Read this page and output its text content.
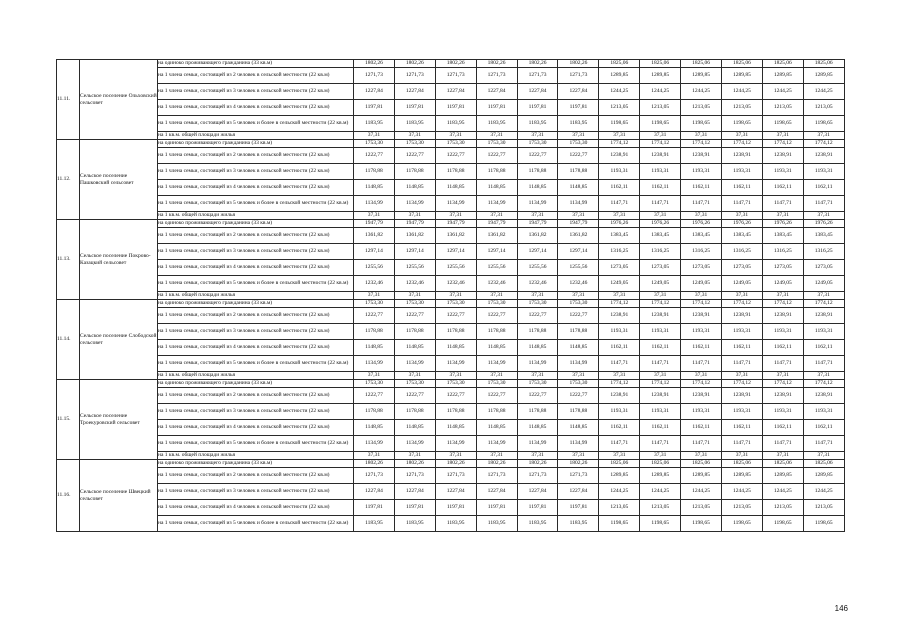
11.11.	Сельское поселение Ольховский сельсовет	на одиноко проживающего гражданина (33 кв.м)	1802,26	1802,26	1802,26	1802,26	1802,26	1802,26	1825,06	1825,06	1825,06	1825,06	1825,06	1825,06
		на 1 члена семьи, состоящей из 2 человек в сельской местности (22 кв.м)	1271,73	1271,73	1271,73	1271,73	1271,73	1271,73	1289,85	1289,85	1289,85	1289,85	1289,85	1289,85
		на 1 члена семьи, состоящей из 3 человек в сельской местности (22 кв.м)	1227,84	1227,84	1227,84	1227,84	1227,84	1227,84	1244,25	1244,25	1244,25	1244,25	1244,25	1244,25
		на 1 члена семьи, состоящей из 4 человек в сельской местности (22 кв.м)	1197,81	1197,81	1197,81	1197,81	1197,81	1197,81	1213,05	1213,05	1213,05	1213,05	1213,05	1213,05
		на 1 члена семьи, состоящей из 5 человек и более в сельской местности (22 кв.м)	1183,95	1183,95	1183,95	1183,95	1183,95	1183,95	1198,65	1198,65	1198,65	1198,65	1198,65	1198,65
		на 1 кв.м. общей площади жилья	37,31	37,31	37,31	37,31	37,31	37,31	37,31	37,31	37,31	37,31	37,31	37,31
11.12.	Сельское поселение Пашковский сельсовет	на одиноко проживающего гражданина (33 кв.м)	1753,30	1753,30	1753,30	1753,30	1753,30	1753,30	1774,12	1774,12	1774,12	1774,12	1774,12	1774,12
		на 1 члена семьи, состоящей из 2 человек в сельской местности (22 кв.м)	1222,77	1222,77	1222,77	1222,77	1222,77	1222,77	1238,91	1238,91	1238,91	1238,91	1238,91	1238,91
		на 1 члена семьи, состоящей из 3 человек в сельской местности (22 кв.м)	1178,88	1178,88	1178,88	1178,88	1178,88	1178,88	1193,31	1193,31	1193,31	1193,31	1193,31	1193,31
		на 1 члена семьи, состоящей из 4 человек в сельской местности (22 кв.м)	1148,85	1148,85	1148,85	1148,85	1148,85	1148,85	1162,11	1162,11	1162,11	1162,11	1162,11	1162,11
		на 1 члена семьи, состоящей из 5 человек и более в сельской местности (22 кв.м)	1134,99	1134,99	1134,99	1134,99	1134,99	1134,99	1147,71	1147,71	1147,71	1147,71	1147,71	1147,71
		на 1 кв.м. общей площади жилья	37,31	37,31	37,31	37,31	37,31	37,31	37,31	37,31	37,31	37,31	37,31	37,31
11.13.	Сельское поселение Покрово-Казацкий сельсовет	на одиноко проживающего гражданина (33 кв.м)	1947,79	1947,79	1947,79	1947,79	1947,79	1947,79	1976,26	1976,26	1976,26	1976,26	1976,26	1976,26
		на 1 члена семьи, состоящей из 2 человек в сельской местности (22 кв.м)	1361,82	1361,82	1361,82	1361,82	1361,82	1361,82	1383,45	1383,45	1383,45	1383,45	1383,45	1383,45
		на 1 члена семьи, состоящей из 3 человек в сельской местности (22 кв.м)	1297,14	1297,14	1297,14	1297,14	1297,14	1297,14	1316,25	1316,25	1316,25	1316,25	1316,25	1316,25
		на 1 члена семьи, состоящей из 4 человек в сельской местности (22 кв.м)	1255,56	1255,56	1255,56	1255,56	1255,56	1255,56	1273,05	1273,05	1273,05	1273,05	1273,05	1273,05
		на 1 члена семьи, состоящей из 5 человек и более в сельской местности (22 кв.м)	1232,46	1232,46	1232,46	1232,46	1232,46	1232,46	1249,05	1249,05	1249,05	1249,05	1249,05	1249,05
		на 1 кв.м. общей площади жилья	37,31	37,31	37,31	37,31	37,31	37,31	37,31	37,31	37,31	37,31	37,31	37,31
11.14.	Сельское поселение Слободской сельсовет	на одиноко проживающего гражданина (33 кв.м)	1753,30	1753,30	1753,30	1753,30	1753,30	1753,30	1774,12	1774,12	1774,12	1774,12	1774,12	1774,12
		на 1 члена семьи, состоящей из 2 человек в сельской местности (22 кв.м)	1222,77	1222,77	1222,77	1222,77	1222,77	1222,77	1238,91	1238,91	1238,91	1238,91	1238,91	1238,91
		на 1 члена семьи, состоящей из 3 человек в сельской местности (22 кв.м)	1178,88	1178,88	1178,88	1178,88	1178,88	1178,88	1193,31	1193,31	1193,31	1193,31	1193,31	1193,31
		на 1 члена семьи, состоящей из 4 человек в сельской местности (22 кв.м)	1148,85	1148,85	1148,85	1148,85	1148,85	1148,85	1162,11	1162,11	1162,11	1162,11	1162,11	1162,11
		на 1 члена семьи, состоящей из 5 человек и более в сельской местности (22 кв.м)	1134,99	1134,99	1134,99	1134,99	1134,99	1134,99	1147,71	1147,71	1147,71	1147,71	1147,71	1147,71
		на 1 кв.м. общей площади жилья	37,31	37,31	37,31	37,31	37,31	37,31	37,31	37,31	37,31	37,31	37,31	37,31
11.15.	Сельское поселение Троекуровский сельсовет	на одиноко проживающего гражданина (33 кв.м)	1753,30	1753,30	1753,30	1753,30	1753,30	1753,30	1774,12	1774,12	1774,12	1774,12	1774,12	1774,12
		на 1 члена семьи, состоящей из 2 человек в сельской местности (22 кв.м)	1222,77	1222,77	1222,77	1222,77	1222,77	1222,77	1238,91	1238,91	1238,91	1238,91	1238,91	1238,91
		на 1 члена семьи, состоящей из 3 человек в сельской местности (22 кв.м)	1178,88	1178,88	1178,88	1178,88	1178,88	1178,88	1193,31	1193,31	1193,31	1193,31	1193,31	1193,31
		на 1 члена семьи, состоящей из 4 человек в сельской местности (22 кв.м)	1148,85	1148,85	1148,85	1148,85	1148,85	1148,85	1162,11	1162,11	1162,11	1162,11	1162,11	1162,11
		на 1 члена семьи, состоящей из 5 человек и более в сельской местности (22 кв.м)	1134,99	1134,99	1134,99	1134,99	1134,99	1134,99	1147,71	1147,71	1147,71	1147,71	1147,71	1147,71
		на 1 кв.м. общей площади жилья	37,31	37,31	37,31	37,31	37,31	37,31	37,31	37,31	37,31	37,31	37,31	37,31
11.16.	Сельское поселение Швецкий сельсовет	на одиноко проживающего гражданина (33 кв.м)	1802,26	1802,26	1802,26	1802,26	1802,26	1802,26	1825,06	1825,06	1825,06	1825,06	1825,06	1825,06
		на 1 члена семьи, состоящей из 2 человек в сельской местности (22 кв.м)	1271,73	1271,73	1271,73	1271,73	1271,73	1271,73	1289,85	1289,85	1289,85	1289,85	1289,85	1289,85
		на 1 члена семьи, состоящей из 3 человек в сельской местности (22 кв.м)	1227,84	1227,84	1227,84	1227,84	1227,84	1227,84	1244,25	1244,25	1244,25	1244,25	1244,25	1244,25
		на 1 члена семьи, состоящей из 4 человек в сельской местности (22 кв.м)	1197,81	1197,81	1197,81	1197,81	1197,81	1197,81	1213,05	1213,05	1213,05	1213,05	1213,05	1213,05
		на 1 члена семьи, состоящей из 5 человек и более в сельской местности (22 кв.м)	1183,95	1183,95	1183,95	1183,95	1183,95	1183,95	1198,65	1198,65	1198,65	1198,65	1198,65	1198,65
146
